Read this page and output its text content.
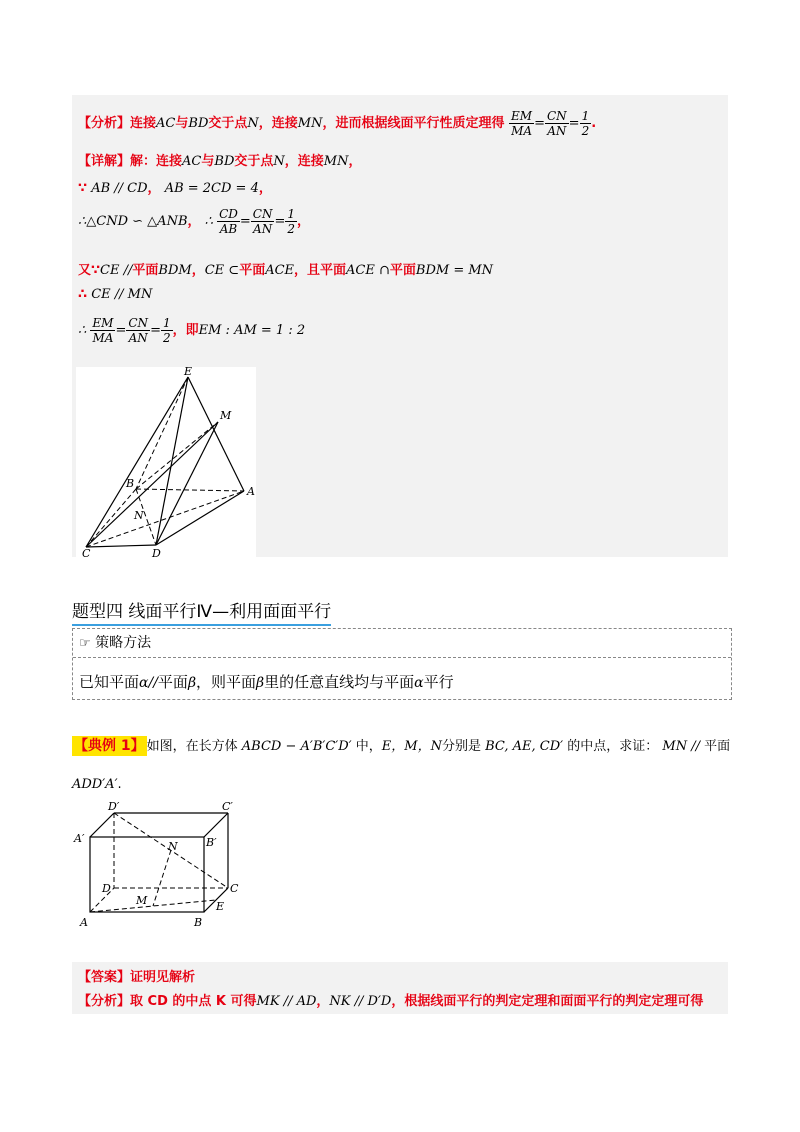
【分析】连接AC与BD交于点N，连接MN，进而根据线面平行性质定理得 $\frac{EM}{MA} = \frac{CN}{AN} = \frac{1}{2}$ .
【详解】解：连接AC与BD交于点N，连接MN，
∵ AB // CD， AB = 2CD = 4，
∴△CND ∽ △ANB， ∴ $\frac{CD}{AB} = \frac{CN}{AN} = \frac{1}{2}$ ，
又∵CE //平面BDM，CE ⊂平面ACE，且平面ACE ∩平面BDM = MN
∴ CE // MN
∴ $\frac{EM}{MA} = \frac{CN}{AN} = \frac{1}{2}$ ，即EM : AM = 1 : 2
E
M
B
A
N
C	D
题型四 线面平行Ⅳ—利用面面平行
☞ 策略方法
已知平面α//平面β，则平面β里的任意直线均与平面α平行
【典例 1】 如图，在长方体 ABCD − A′B′C′D′ 中，E，M，N分别是 BC, AE, CD′ 的中点，求证： MN // 平面
ADD′A′.
D′	C′
A′	B′
N
D	C
M	E
A	B
【答案】证明见解析
【分析】取 CD 的中点 K 可得MK // AD，NK // D′D，根据线面平行的判定定理和面面平行的判定定理可得
